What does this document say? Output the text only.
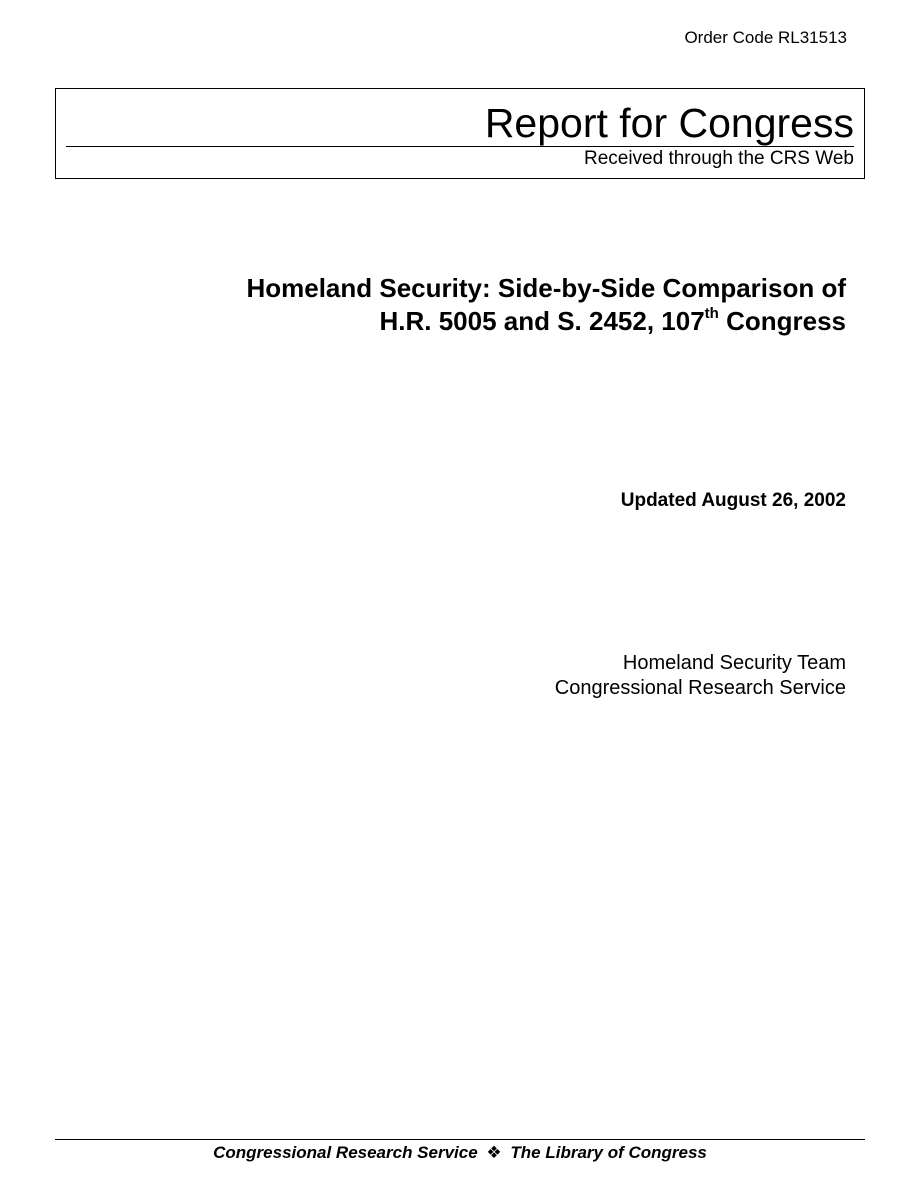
Order Code RL31513
Report for Congress
Received through the CRS Web
Homeland Security: Side-by-Side Comparison of
H.R. 5005 and S. 2452, 107th Congress
Updated August 26, 2002
Homeland Security Team
Congressional Research Service
Congressional Research Service ❖ The Library of Congress
